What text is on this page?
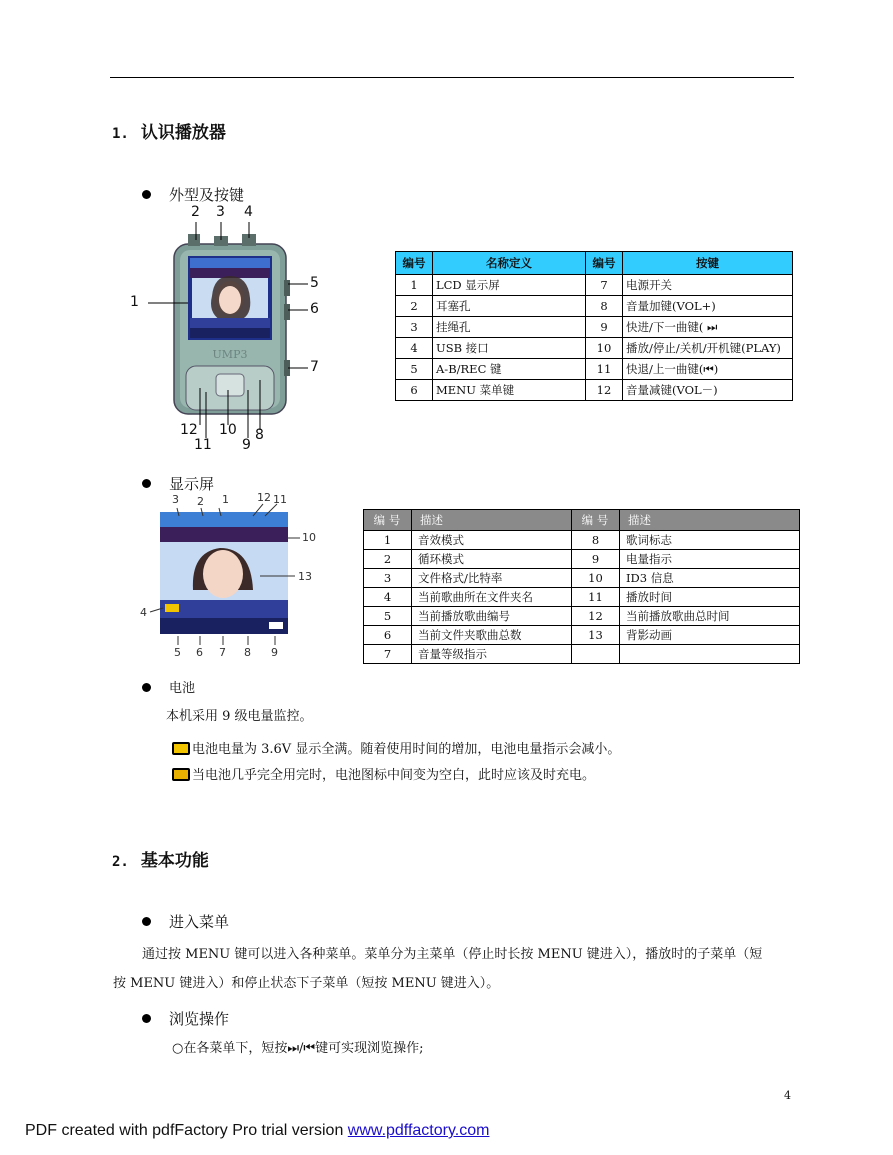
1. 认识播放器
外型及按键
UMP3
1
2 3 4
5
6
7
8
9
10
11
12
编号	名称定义	编号	按键
1	LCD 显示屏	7	电源开关
2	耳塞孔	8	音量加键(VOL+)
3	挂绳孔	9	快进/下一曲键( ⏭
4	USB 接口	10	播放/停止/关机/开机键(PLAY)
5	A-B/REC 键	11	快退/上一曲键(⏮)
6	MENU 菜单键	12	音量减键(VOL－)
显示屏
1
2
3
4
5 6 7 8 9
10
11
12
13
编 号	描述	编 号	描述
1	音效模式	8	歌词标志
2	循环模式	9	电量指示
3	文件格式/比特率	10	ID3 信息
4	当前歌曲所在文件夹名	11	播放时间
5	当前播放歌曲编号	12	当前播放歌曲总时间
6	当前文件夹歌曲总数	13	背影动画
7	音量等级指示		
电池
本机采用 9 级电量监控。
电池电量为 3.6V 显示全满。随着使用时间的增加，电池电量指示会减小。
当电池几乎完全用完时，电池图标中间变为空白，此时应该及时充电。
2. 基本功能
进入菜单
通过按 MENU 键可以进入各种菜单。菜单分为主菜单（停止时长按 MENU 键进入），播放时的子菜单（短
按 MENU 键进入）和停止状态下子菜单（短按 MENU 键进入）。
浏览操作
○在各菜单下，短按⏭/⏮键可实现浏览操作;
4
PDF created with pdfFactory Pro trial version www.pdffactory.com
